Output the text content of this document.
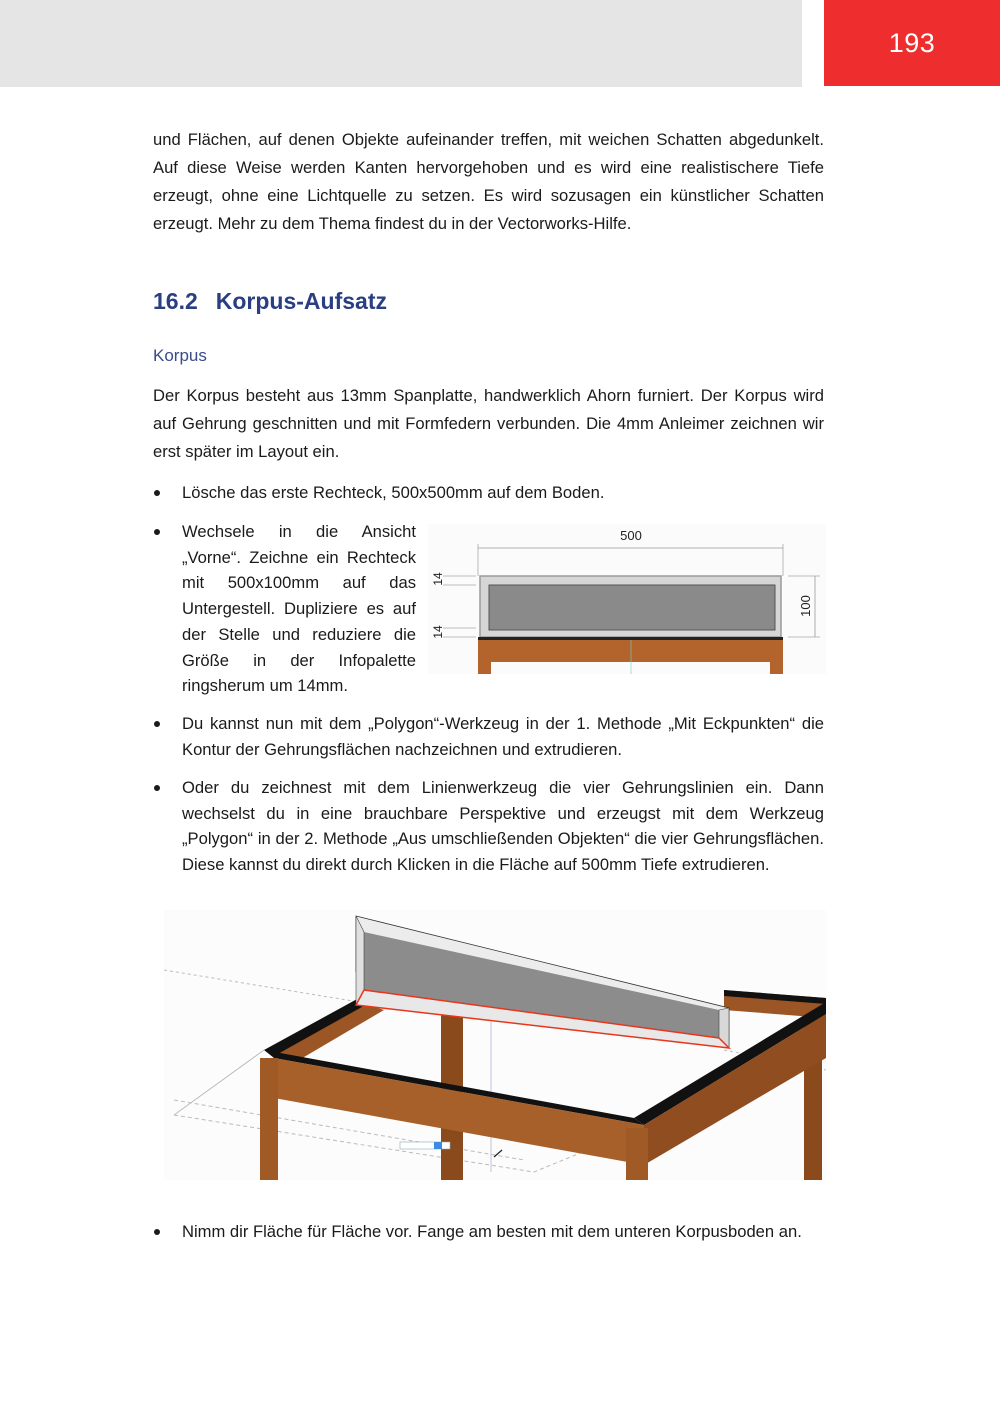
193

und Flächen, auf denen Objekte aufeinander treffen, mit weichen Schatten abgedunkelt. Auf diese Weise werden Kanten hervorgehoben und es wird eine realistischere Tiefe erzeugt, ohne eine Lichtquelle zu setzen. Es wird sozusagen ein künstlicher Schatten erzeugt. Mehr zu dem Thema findest du in der Vectorworks-Hilfe.

16.2 Korpus-Aufsatz
Korpus

Der Korpus besteht aus 13mm Spanplatte, handwerklich Ahorn furniert. Der Korpus wird auf Gehrung geschnitten und mit Formfedern verbunden. Die 4mm Anleimer zeichnen wir erst später im Layout ein.

Lösche das erste Rechteck, 500x500mm auf dem Boden.
Wechsele in die Ansicht „Vorne“. Zeichne ein Rechteck mit 500x100mm auf das Untergestell. Dupliziere es auf der Stelle und reduziere die Größe in der Infopalette ringsherum um 14mm.
500
100
14
14
Du kannst nun mit dem „Polygon“-Werkzeug in der 1. Methode „Mit Eckpunkten“ die Kontur der Gehrungsflächen nachzeichnen und extrudieren.
Oder du zeichnest mit dem Linienwerkzeug die vier Gehrungslinien ein. Dann wechselst du in eine brauchbare Perspektive und erzeugst mit dem Werkzeug „Polygon“ in der 2. Methode „Aus umschließenden Objekten“ die vier Gehrungsflächen. Diese kannst du direkt durch Klicken in die Fläche auf 500mm Tiefe extrudieren.
Nimm dir Fläche für Fläche vor. Fange am besten mit dem unteren Korpusboden an.
